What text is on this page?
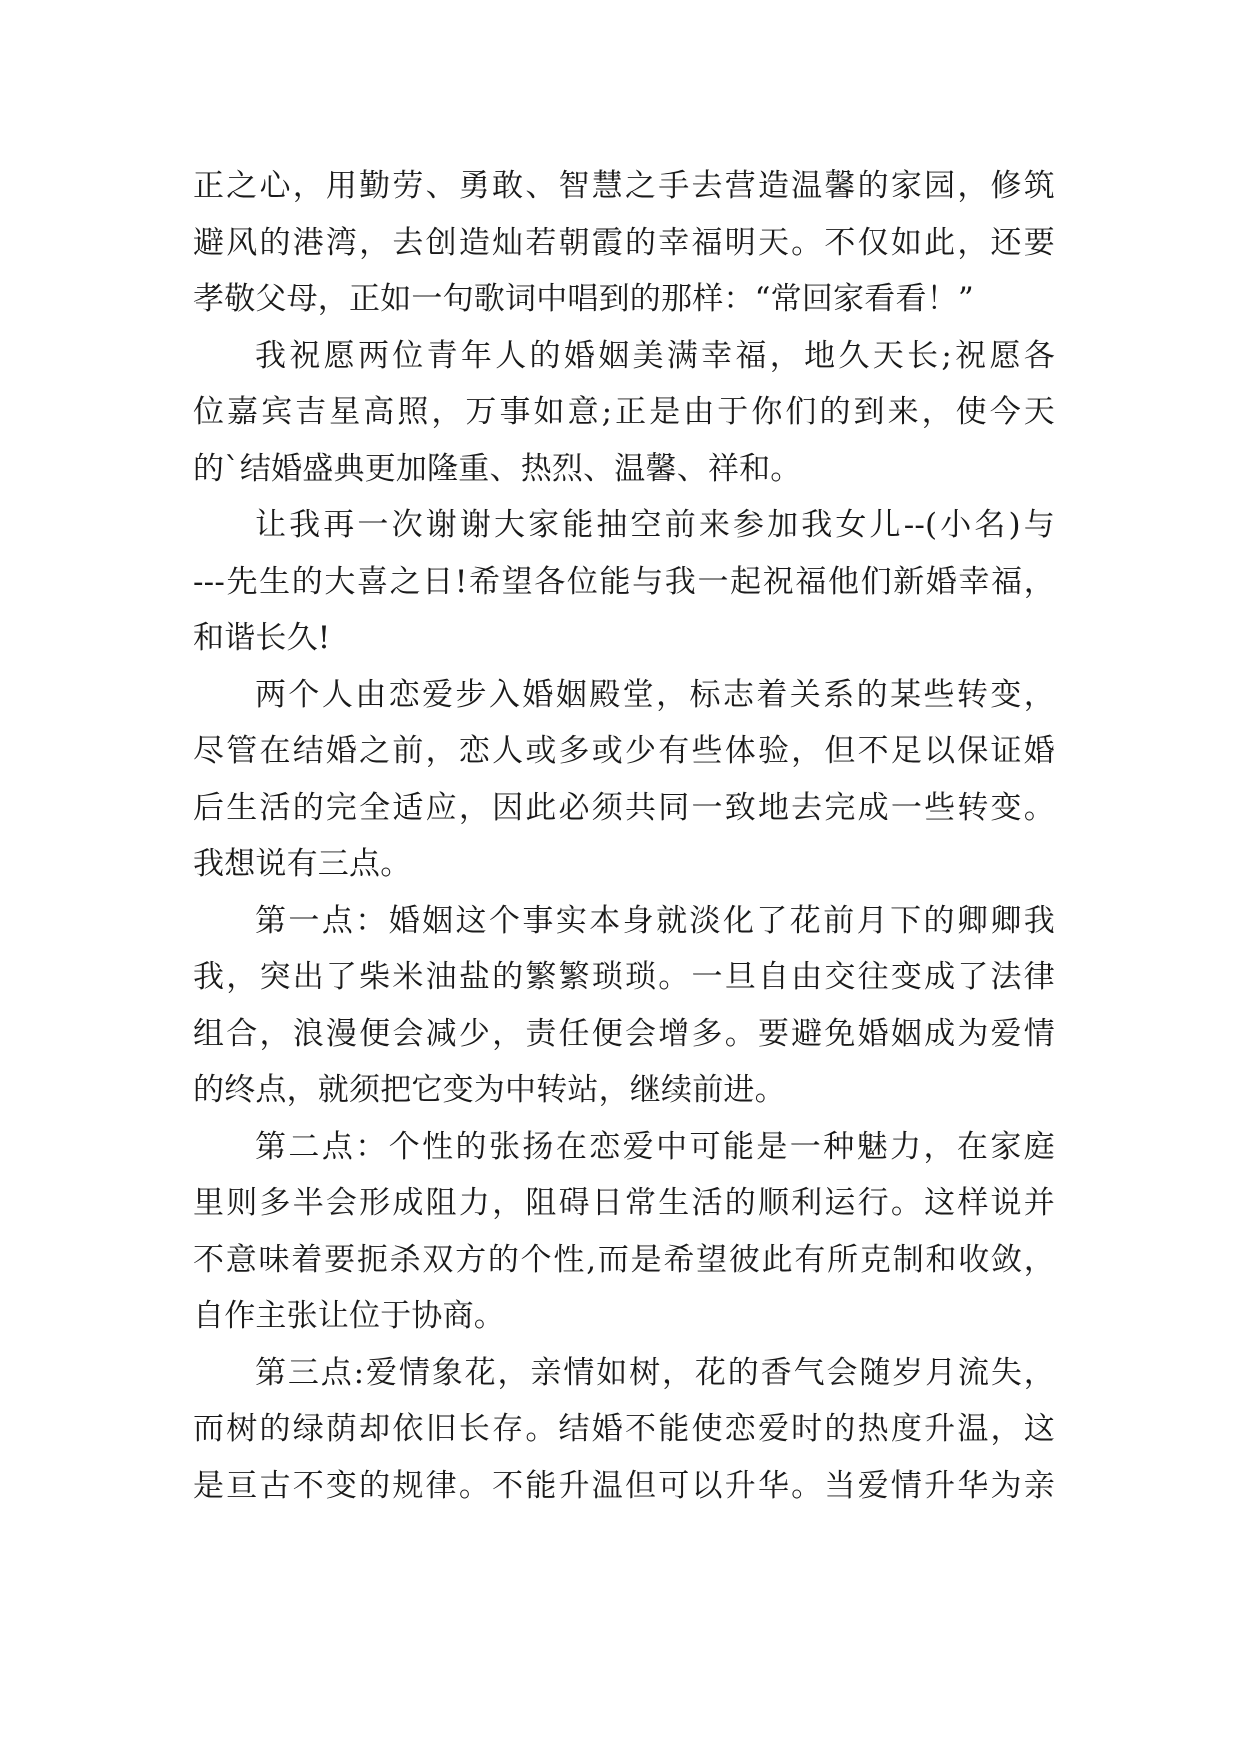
正之心，用勤劳、勇敢、智慧之手去营造温馨的家园，修筑
避风的港湾，去创造灿若朝霞的幸福明天。不仅如此，还要
孝敬父母，正如一句歌词中唱到的那样：“常回家看看！”
我祝愿两位青年人的婚姻美满幸福，地久天长;祝愿各
位嘉宾吉星高照，万事如意;正是由于你们的到来，使今天
的`结婚盛典更加隆重、热烈、温馨、祥和。
让我再一次谢谢大家能抽空前来参加我女儿--(小名)与
---先生的大喜之日!希望各位能与我一起祝福他们新婚幸福，
和谐长久!
两个人由恋爱步入婚姻殿堂，标志着关系的某些转变，
尽管在结婚之前，恋人或多或少有些体验，但不足以保证婚
后生活的完全适应，因此必须共同一致地去完成一些转变。
我想说有三点。
第一点：婚姻这个事实本身就淡化了花前月下的卿卿我
我，突出了柴米油盐的繁繁琐琐。一旦自由交往变成了法律
组合，浪漫便会减少，责任便会增多。要避免婚姻成为爱情
的终点，就须把它变为中转站，继续前进。
第二点：个性的张扬在恋爱中可能是一种魅力，在家庭
里则多半会形成阻力，阻碍日常生活的顺利运行。这样说并
不意味着要扼杀双方的个性,而是希望彼此有所克制和收敛，
自作主张让位于协商。
第三点:爱情象花，亲情如树，花的香气会随岁月流失，
而树的绿荫却依旧长存。结婚不能使恋爱时的热度升温，这
是亘古不变的规律。不能升温但可以升华。当爱情升华为亲
